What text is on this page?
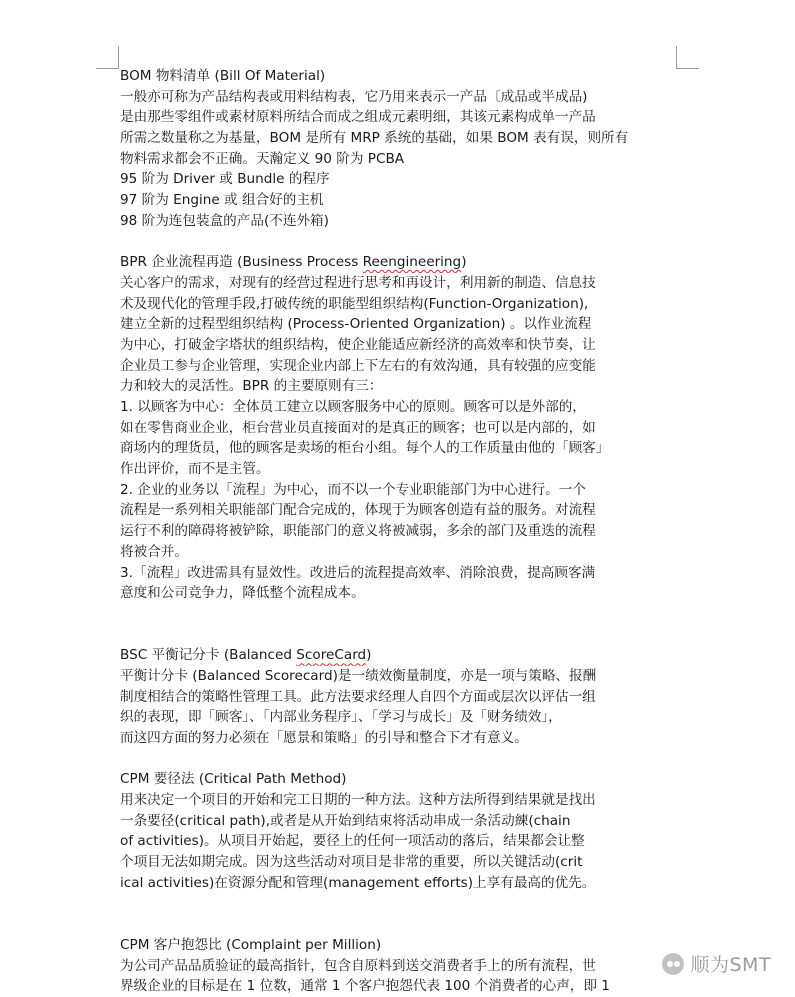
BOM 物料清单 (Bill Of Material)
一般亦可称为产品结构表或用料结构表，它乃用来表示一产品〔成品或半成品)
是由那些零组件或素材原料所结合而成之组成元素明细，其该元素构成单一产品
所需之数量称之为基量，BOM 是所有 MRP 系统的基础，如果 BOM 表有误，则所有
物料需求都会不正确。天瀚定义 90 阶为 PCBA
95 阶为 Driver 或 Bundle 的程序
97 阶为 Engine 或 组合好的主机
98 阶为连包装盒的产品(不连外箱)
BPR 企业流程再造 (Business Process Reengineering)
关心客户的需求，对现有的经营过程进行思考和再设计，利用新的制造、信息技
术及现代化的管理手段,打破传统的职能型组织结构(Function-Organization),
建立全新的过程型组织结构 (Process-Oriented Organization) 。以作业流程
为中心，打破金字塔状的组织结构，使企业能适应新经济的高效率和快节奏，让
企业员工参与企业管理，实现企业内部上下左右的有效沟通，具有较强的应变能
力和较大的灵活性。BPR 的主要原则有三：
1. 以顾客为中心：全体员工建立以顾客服务中心的原则。顾客可以是外部的，
如在零售商业企业，柜台营业员直接面对的是真正的顾客；也可以是内部的，如
商场内的理货员，他的顾客是卖场的柜台小组。每个人的工作质量由他的「顾客」
作出评价，而不是主管。
2. 企业的业务以「流程」为中心，而不以一个专业职能部门为中心进行。一个
流程是一系列相关职能部门配合完成的，体现于为顾客创造有益的服务。对流程
运行不利的障碍将被铲除，职能部门的意义将被减弱，多余的部门及重迭的流程
将被合并。
3.「流程」改进需具有显效性。改进后的流程提高效率、消除浪费，提高顾客满
意度和公司竞争力，降低整个流程成本。
BSC 平衡记分卡 (Balanced ScoreCard)
平衡计分卡 (Balanced Scorecard)是一绩效衡量制度，亦是一项与策略、报酬
制度相结合的策略性管理工具。此方法要求经理人自四个方面或层次以评估一组
织的表现，即「顾客」、「内部业务程序」、「学习与成长」及「财务绩效」，
而这四方面的努力必须在「愿景和策略」的引导和整合下才有意义。
CPM 要径法 (Critical Path Method)
用来决定一个项目的开始和完工日期的一种方法。这种方法所得到结果就是找出
一条要径(critical path),或者是从开始到结束将活动串成一条活动練(chain
of activities)。从项目开始起，要径上的任何一项活动的落后，结果都会让整
个项目无法如期完成。因为这些活动对项目是非常的重要，所以关键活动(crit
ical activities)在资源分配和管理(management efforts)上享有最高的优先。
CPM 客户抱怨比 (Complaint per Million)
为公司产品品质验证的最高指针，包含自原料到送交消费者手上的所有流程，世
界级企业的目标是在 1 位数，通常 1 个客户抱怨代表 100 个消费者的心声，即 1
顺为SMT
